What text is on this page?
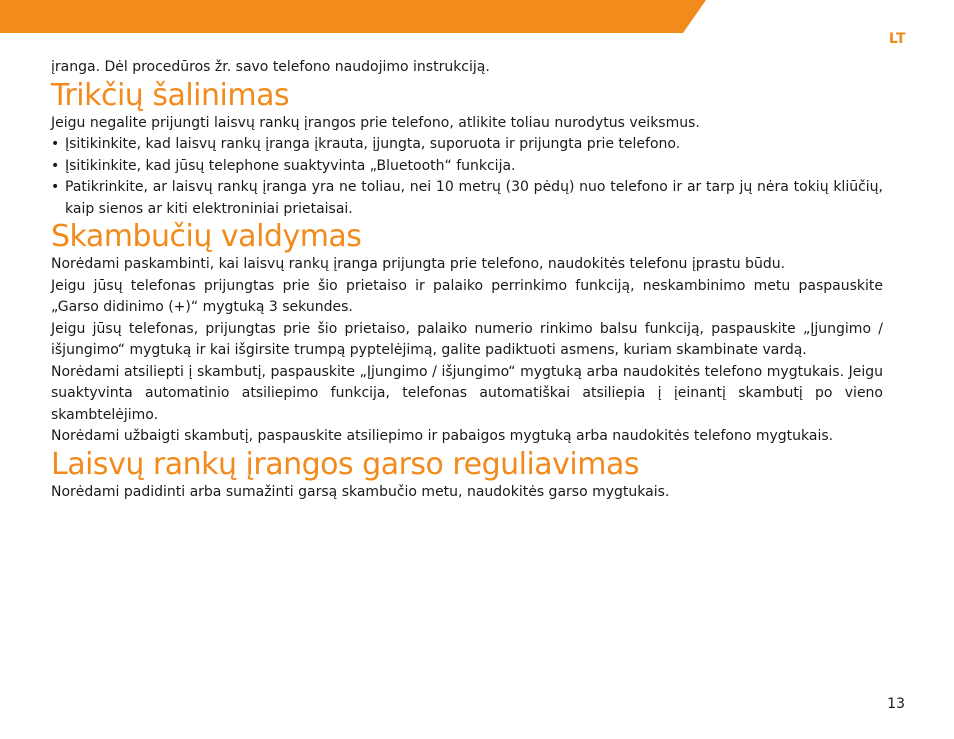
LT

įranga. Dėl procedūros žr. savo telefono naudojimo instrukciją.

Trikčių šalinimas

Jeigu negalite prijungti laisvų rankų įrangos prie telefono, atlikite toliau nurodytus veiksmus.

• Įsitikinkite, kad laisvų rankų įranga įkrauta, įjungta, suporuota ir prijungta prie telefono.
• Įsitikinkite, kad jūsų telephone suaktyvinta „Bluetooth“ funkcija.
• Patikrinkite, ar laisvų rankų įranga yra ne toliau, nei 10 metrų (30 pėdų) nuo telefono ir ar tarp jų nėra tokių kliūčių, kaip sienos ar kiti elektroniniai prietaisai.
Skambučių valdymas

Norėdami paskambinti, kai laisvų rankų įranga prijungta prie telefono, naudokitės telefonu įprastu būdu.

Jeigu jūsų telefonas prijungtas prie šio prietaiso ir palaiko perrinkimo funkciją, neskambinimo metu paspauskite „Garso didinimo (+)“ mygtuką 3 sekundes.

Jeigu jūsų telefonas, prijungtas prie šio prietaiso, palaiko numerio rinkimo balsu funkciją, paspauskite „Įjungimo / išjungimo“ mygtuką ir kai išgirsite trumpą pyptelėjimą, galite padiktuoti asmens, kuriam skambinate vardą.

Norėdami atsiliepti į skambutį, paspauskite „Įjungimo / išjungimo“ mygtuką arba naudokitės telefono mygtukais. Jeigu suaktyvinta automatinio atsiliepimo funkcija, telefonas automatiškai atsiliepia į įeinantį skambutį po vieno skambtelėjimo.

Norėdami užbaigti skambutį, paspauskite atsiliepimo ir pabaigos mygtuką arba naudokitės telefono mygtukais.

Laisvų rankų įrangos garso reguliavimas

Norėdami padidinti arba sumažinti garsą skambučio metu, naudokitės garso mygtukais.

13
